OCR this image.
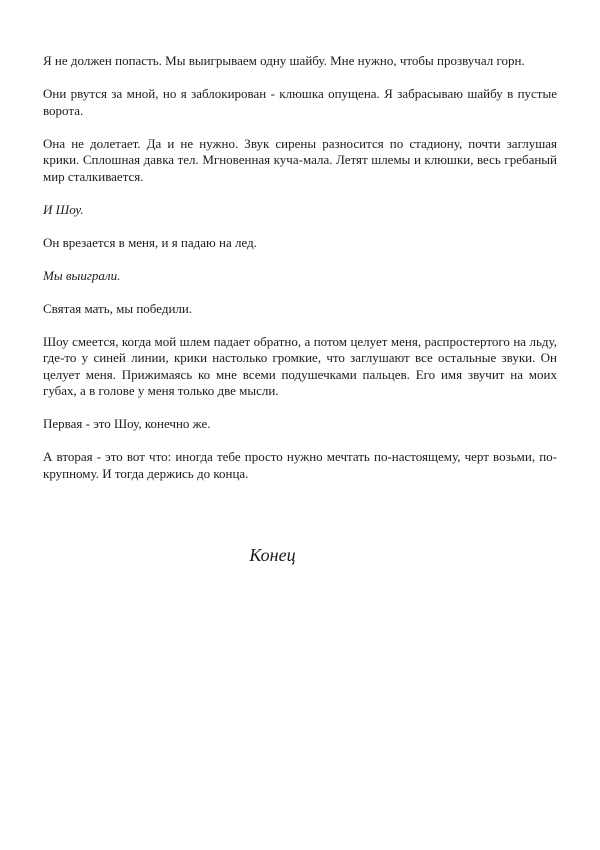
Я не должен попасть. Мы выигрываем одну шайбу. Мне нужно, чтобы прозвучал горн.

Они рвутся за мной, но я заблокирован - клюшка опущена. Я забрасываю шайбу в пустые ворота.

Она не долетает. Да и не нужно. Звук сирены разносится по стадиону, почти заглушая крики. Сплошная давка тел. Мгновенная куча-мала. Летят шлемы и клюшки, весь гребаный мир сталкивается.

И Шоу.

Он врезается в меня, и я падаю на лед.

Мы выиграли.

Святая мать, мы победили.

Шоу смеется, когда мой шлем падает обратно, а потом целует меня, распростертого на льду, где-то у синей линии, крики настолько громкие, что заглушают все остальные звуки. Он целует меня. Прижимаясь ко мне всеми подушечками пальцев. Его имя звучит на моих губах, а в голове у меня только две мысли.

Первая - это Шоу, конечно же.

А вторая - это вот что: иногда тебе просто нужно мечтать по-настоящему, черт возьми, по-крупному. И тогда держись до конца.

Конец
